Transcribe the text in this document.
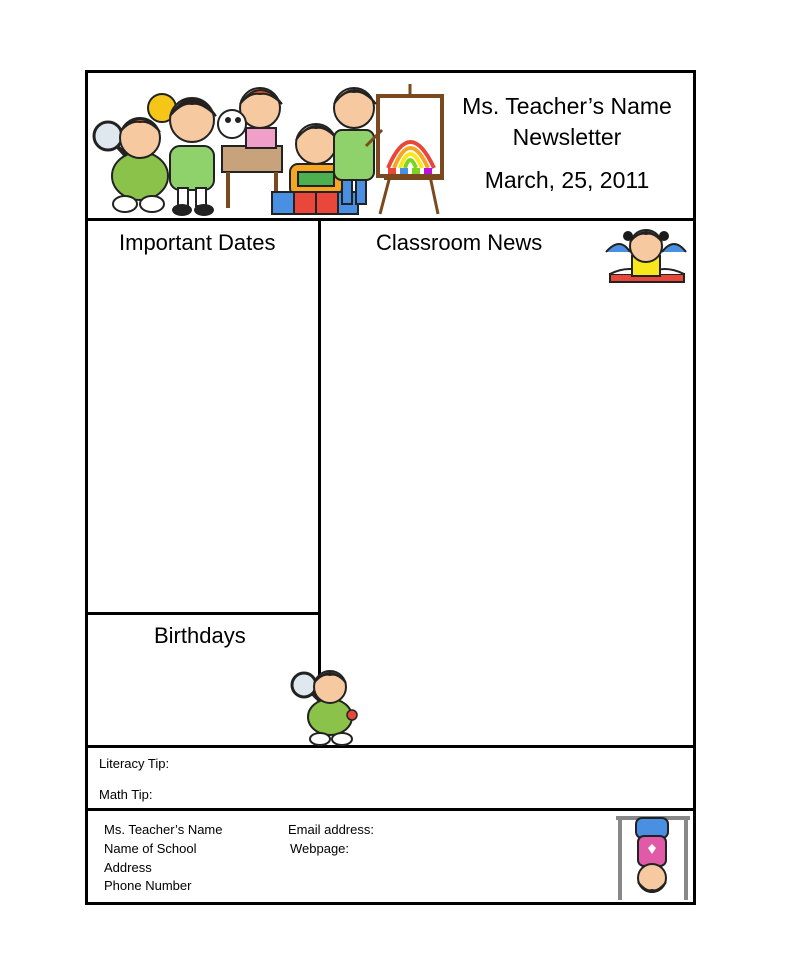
Ms. Teacher’s Name
Newsletter
March, 25, 2011
Important Dates	Classroom News
Birthdays
Literacy Tip:
Math Tip:
Ms. Teacher’s Name
Name of School
Address
Phone Number
Email address:
Webpage:
